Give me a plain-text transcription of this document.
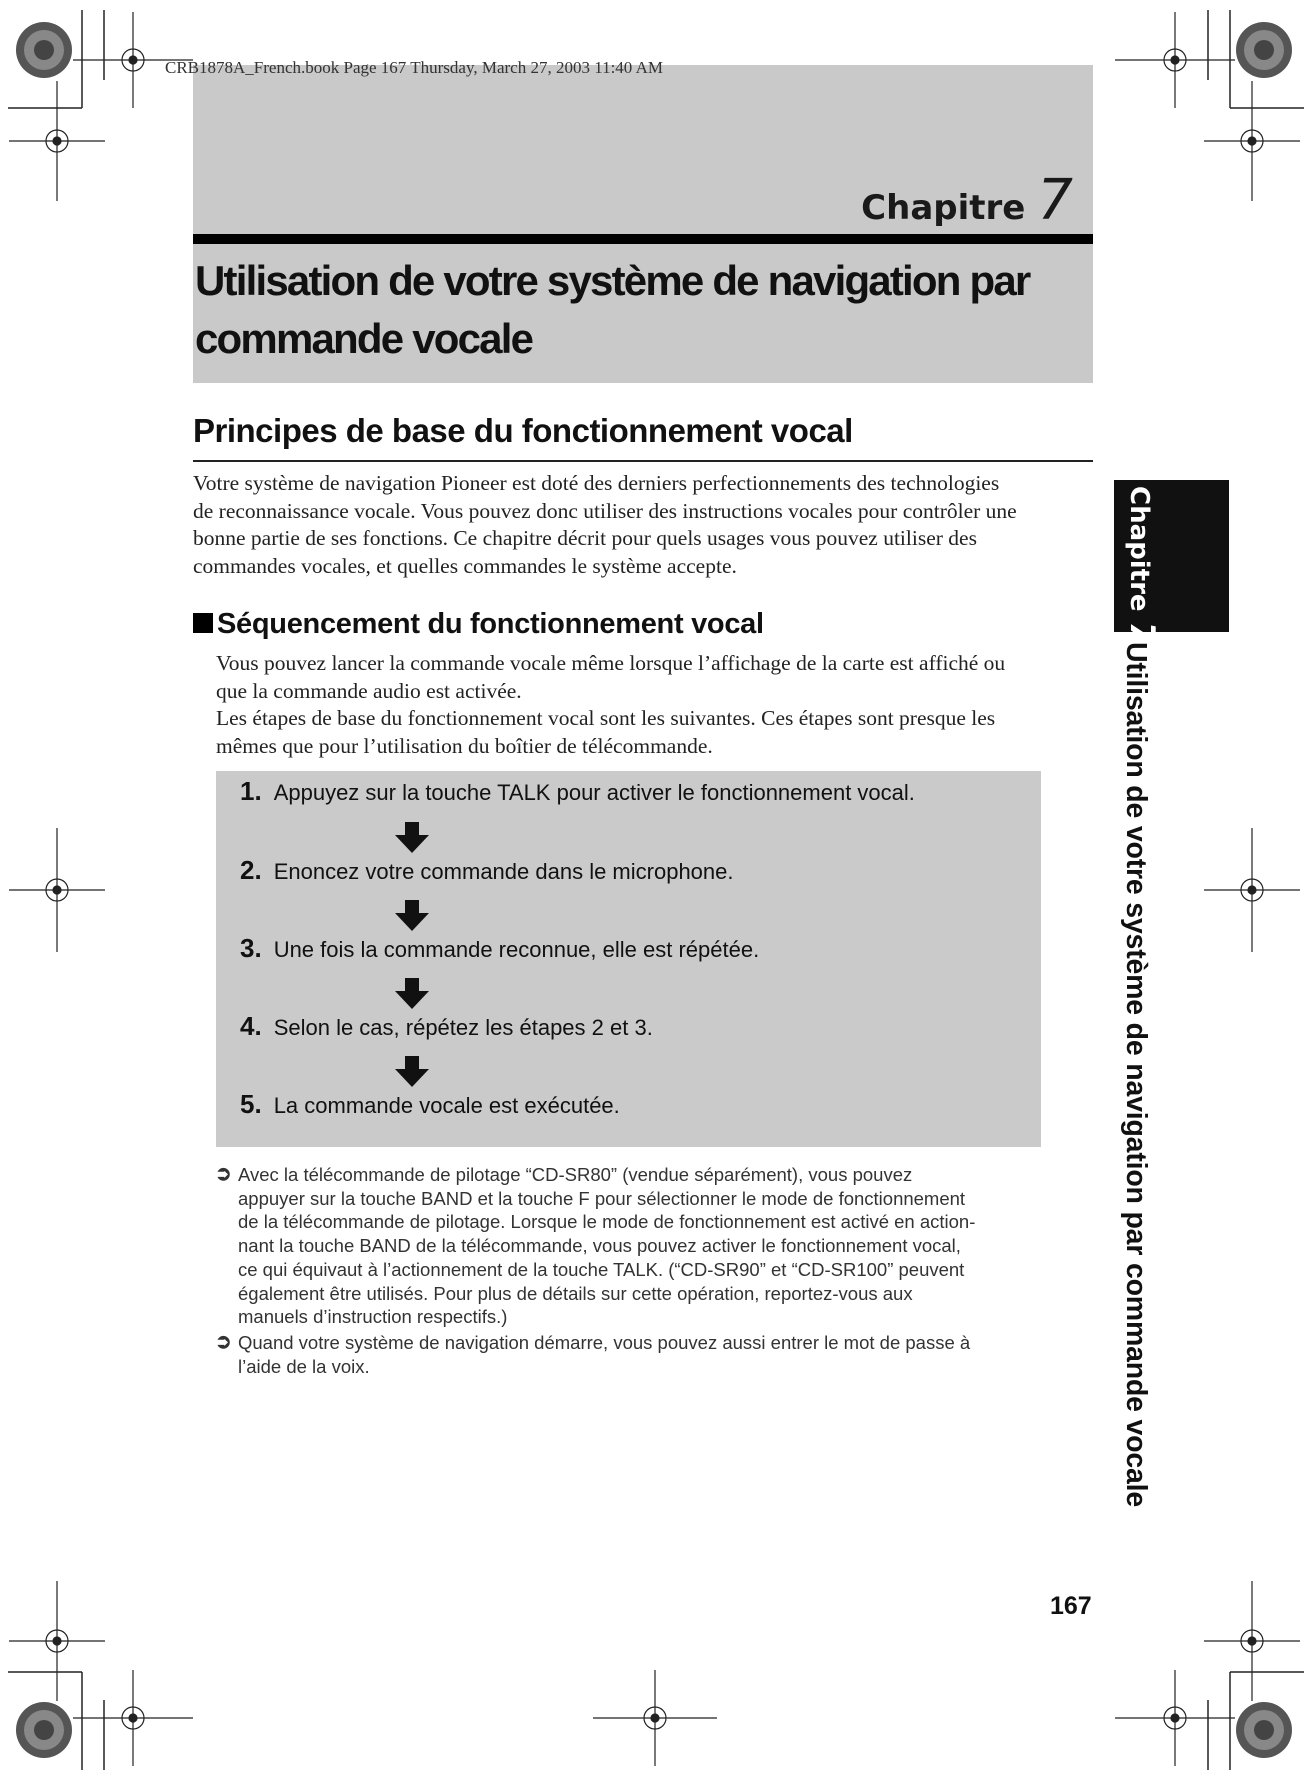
CRB1878A_French.book Page 167 Thursday, March 27, 2003 11:40 AM
Chapitre 7
Utilisation de votre système de navigation par
commande vocale
Principes de base du fonctionnement vocal
Votre système de navigation Pioneer est doté des derniers perfectionnements des technologies
de reconnaissance vocale. Vous pouvez donc utiliser des instructions vocales pour contrôler une
bonne partie de ses fonctions. Ce chapitre décrit pour quels usages vous pouvez utiliser des
commandes vocales, et quelles commandes le système accepte.
Séquencement du fonctionnement vocal
Vous pouvez lancer la commande vocale même lorsque l’affichage de la carte est affiché ou
que la commande audio est activée.
Les étapes de base du fonctionnement vocal sont les suivantes. Ces étapes sont presque les
mêmes que pour l’utilisation du boîtier de télécommande.
1. Appuyez sur la touche TALK pour activer le fonctionnement vocal.
2. Enoncez votre commande dans le microphone.
3. Une fois la commande reconnue, elle est répétée.
4. Selon le cas, répétez les étapes 2 et 3.
5. La commande vocale est exécutée.
➲ Avec la télécommande de pilotage “CD-SR80” (vendue séparément), vous pouvez
appuyer sur la touche BAND et la touche F pour sélectionner le mode de fonctionnement
de la télécommande de pilotage. Lorsque le mode de fonctionnement est activé en action-
nant la touche BAND de la télécommande, vous pouvez activer le fonctionnement vocal,
ce qui équivaut à l’actionnement de la touche TALK. (“CD-SR90” et “CD-SR100” peuvent
également être utilisés. Pour plus de détails sur cette opération, reportez-vous aux
manuels d’instruction respectifs.)
➲ Quand votre système de navigation démarre, vous pouvez aussi entrer le mot de passe à
l’aide de la voix.
Chapitre7
Utilisation de votre système de navigation par commande vocale
167
